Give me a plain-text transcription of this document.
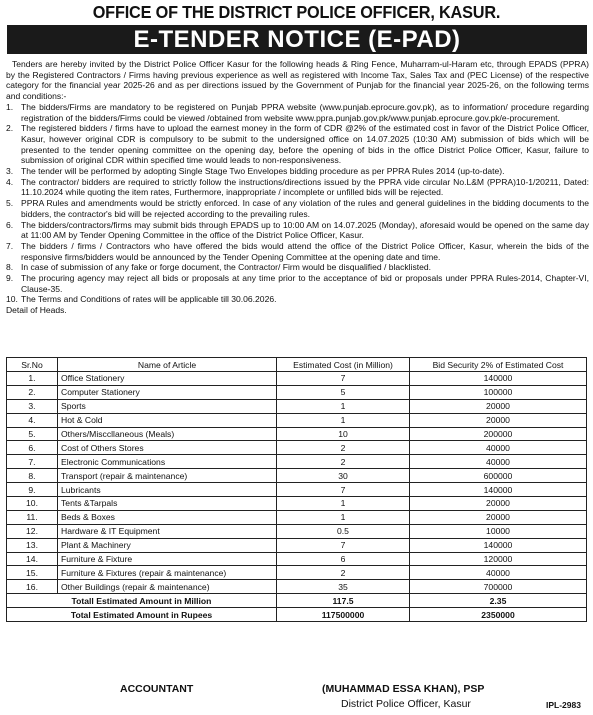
OFFICE OF THE DISTRICT POLICE OFFICER, KASUR.
E-TENDER NOTICE (E-PAD)

Tenders are hereby invited by the District Police Officer Kasur for the following heads & Ring Fence, Muharram-ul-Haram etc, through EPADS (PPRA) by the Registered Contractors / Firms having previous experience as well as registered with Income Tax, Sales Tax and (PEC License) of the respective category for the financial year 2025-26 and as per directions issued by the Government of Punjab for the financial year 2025-26, on the following terms and conditions:-

1. The bidders/Firms are mandatory to be registered on Punjab PPRA website (www.punjab.eprocure.gov.pk), as to information/ procedure regarding registration of the bidders/Firms could be viewed /obtained from website www.ppra.punjab.gov.pk/www.punjab.eprocure.gov.pk/e-procurement.
2. The registered bidders / firms have to upload the earnest money in the form of CDR @2% of the estimated cost in favor of the District Police Officer, Kasur, however original CDR is compulsory to be submit to the undersigned office on 14.07.2025 (10:30 AM) submission of bids which will be presented to the tender opening committee on the opening day, before the opening of bids in the office District Police Officer, Kasur, failure to submission of original CDR within specified time would leads to non-responsiveness.
3. The tender will be performed by adopting Single Stage Two Envelopes bidding procedure as per PPRA Rules 2014 (up-to-date).
4. The contractor/ bidders are required to strictly follow the instructions/directions issued by the PPRA vide circular No.L&M (PPRA)10-1/20211, Dated: 11.10.2024 while quoting the item rates, Furthermore, inappropriate / incomplete or unfilled bids will be rejected.
5. PPRA Rules and amendments would be strictly enforced. In case of any violation of the rules and general guidelines in the bidding documents to the bidders, the contractor's bid will be rejected according to the prevailing rules.
6. The bidders/contractors/firms may submit bids through EPADS up to 10:00 AM on 14.07.2025 (Monday), aforesaid would be opened on the same day at 11:00 AM by Tender Opening Committee in the office of the District Police Officer, Kasur.
7. The bidders / firms / Contractors who have offered the bids would attend the office of the District Police Officer, Kasur, wherein the bids of the responsive firms/bidders would be announced by the Tender Opening Committee at the opening date and time.
8. In case of submission of any fake or forge document, the Contractor/ Firm would be disqualified / blacklisted.
9. The procuring agency may reject all bids or proposals at any time prior to the acceptance of bid or proposals under PPRA Rules-2014, Chapter-VI, Clause-35.
10. The Terms and Conditions of rates will be applicable till 30.06.2026.

Detail of Heads.

Sr.No	Name of Article	Estimated Cost (in Million)	Bid Security 2% of Estimated Cost
1.	Office Stationery	7	140000
2.	Computer Stationery	5	100000
3.	Sports	1	20000
4.	Hot & Cold	1	20000
5.	Others/Misccllaneous (Meals)	10	200000
6.	Cost of Others Stores	2	40000
7.	Electronic Communications	2	40000
8.	Transport (repair & maintenance)	30	600000
9.	Lubricants	7	140000
10.	Tents &Tarpals	1	20000
11.	Beds & Boxes	1	20000
12.	Hardware & IT Equipment	0.5	10000
13.	Plant & Machinery	7	140000
14.	Furniture & Fixture	6	120000
15.	Furniture & Fixtures (repair & maintenance)	2	40000
16.	Other Buildings (repair & maintenance)	35	700000
Totall Estimated Amount in Million		117.5	2.35
Total Estimated Amount in Rupees		117500000	2350000
ACCOUNTANT	(MUHAMMAD ESSA KHAN), PSP
District Police Officer, Kasur	IPL-2983
